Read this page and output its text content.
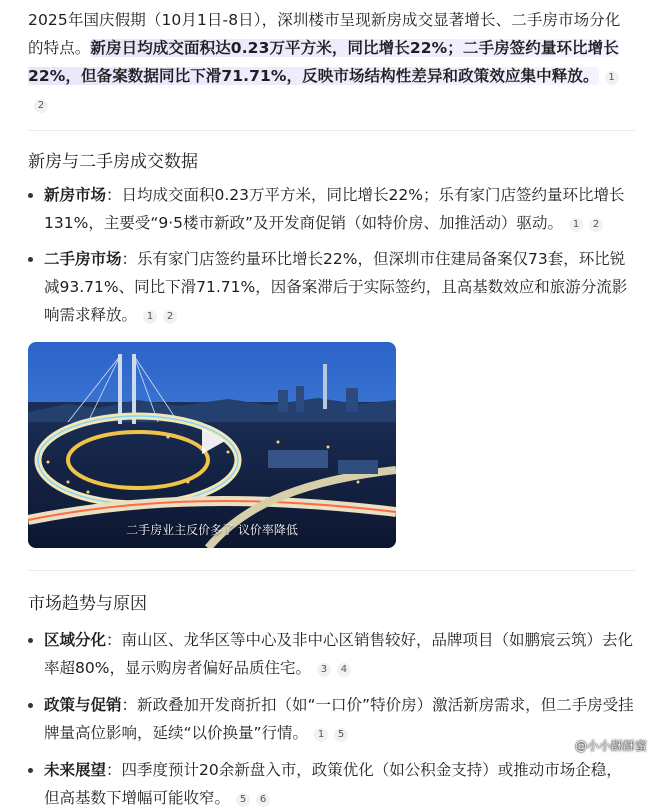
2025年国庆假期（10月1日-8日），深圳楼市呈现新房成交显著增长、二手房市场分化的特点。新房日均成交面积达0.23万平方米，同比增长22%；二手房签约量环比增长22%，但备案数据同比下滑71.71%，反映市场结构性差异和政策效应集中释放。 12

新房与二手房成交数据
新房市场：日均成交面积0.23万平方米，同比增长22%；乐有家门店签约量环比增长131%，主要受“9·5楼市新政”及开发商促销（如特价房、加推活动）驱动。 1 2
二手房市场：乐有家门店签约量环比增长22%，但深圳市住建局备案仅73套，环比锐减93.71%、同比下滑71.71%，因备案滞后于实际签约，且高基数效应和旅游分流影响需求释放。 1 2
二手房业主反价多了 议价率降低
市场趋势与原因
区域分化：南山区、龙华区等中心及非中心区销售较好，品牌项目（如鹏宸云筑）去化率超80%，显示购房者偏好品质住宅。 3 4
政策与促销：新政叠加开发商折扣（如“一口价”特价房）激活新房需求，但二手房受挂牌量高位影响，延续“以价换量”行情。 1 5
未来展望：四季度预计20余新盘入市，政策优化（如公积金支持）或推动市场企稳，但高基数下增幅可能收窄。 5 6
@小小酥酥蜜
